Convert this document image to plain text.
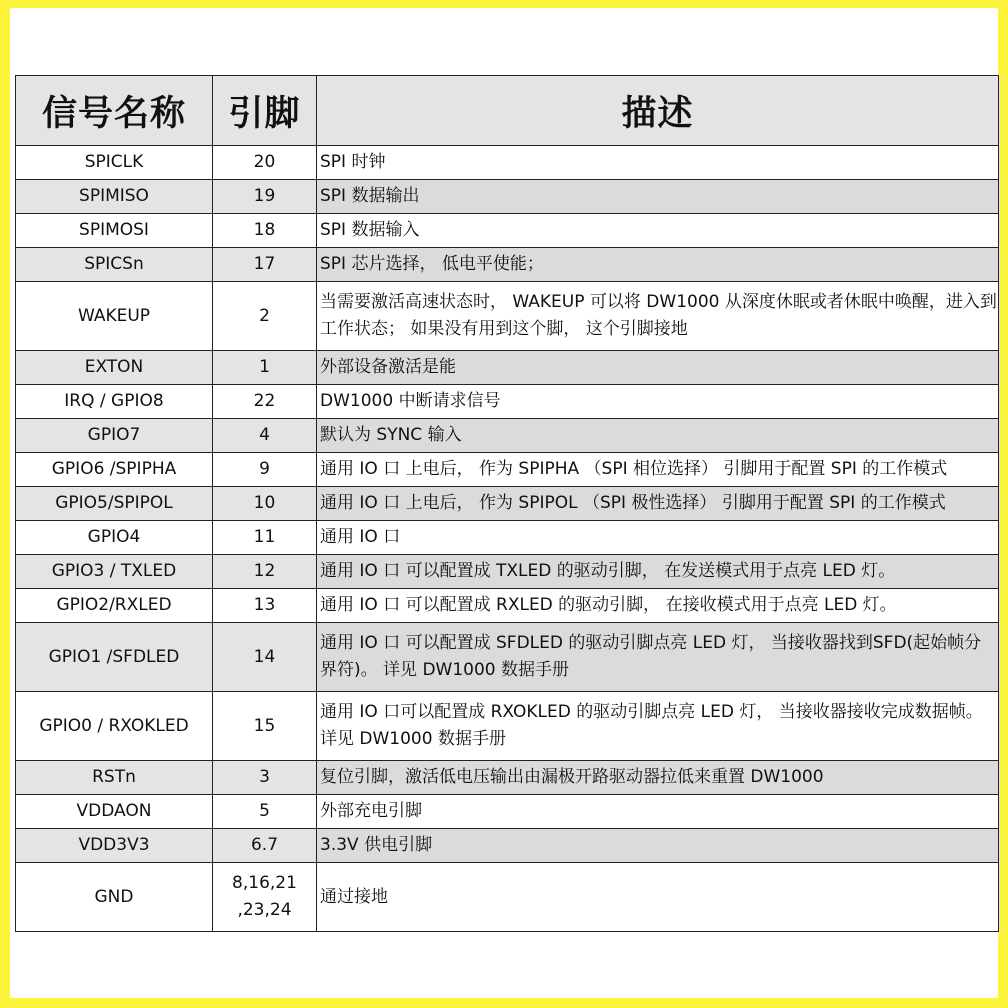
信号名称	引脚	描述
SPICLK	20	SPI 时钟
SPIMISO	19	SPI 数据输出
SPIMOSI	18	SPI 数据输入
SPICSn	17	SPI 芯片选择， 低电平使能；
WAKEUP	2	当需要激活高速状态时， WAKEUP 可以将 DW1000 从深度休眠或者休眠中唤醒，进入到工作状态； 如果没有用到这个脚， 这个引脚接地
EXTON	1	外部设备激活是能
IRQ / GPIO8	22	DW1000 中断请求信号
GPIO7	4	默认为 SYNC 输入
GPIO6 /SPIPHA	9	通用 IO 口 上电后， 作为 SPIPHA （SPI 相位选择） 引脚用于配置 SPI 的工作模式
GPIO5/SPIPOL	10	通用 IO 口 上电后， 作为 SPIPOL （SPI 极性选择） 引脚用于配置 SPI 的工作模式
GPIO4	11	通用 IO 口
GPIO3 / TXLED	12	通用 IO 口 可以配置成 TXLED 的驱动引脚， 在发送模式用于点亮 LED 灯。
GPIO2/RXLED	13	通用 IO 口 可以配置成 RXLED 的驱动引脚， 在接收模式用于点亮 LED 灯。
GPIO1 /SFDLED	14	通用 IO 口 可以配置成 SFDLED 的驱动引脚点亮 LED 灯， 当接收器找到SFD(起始帧分界符)。 详见 DW1000 数据手册
GPIO0 / RXOKLED	15	通用 IO 口可以配置成 RXOKLED 的驱动引脚点亮 LED 灯， 当接收器接收完成数据帧。 详见 DW1000 数据手册
RSTn	3	复位引脚，激活低电压输出由漏极开路驱动器拉低来重置 DW1000
VDDAON	5	外部充电引脚
VDD3V3	6.7	3.3V 供电引脚
GND	8,16,21 ,23,24	通过接地
